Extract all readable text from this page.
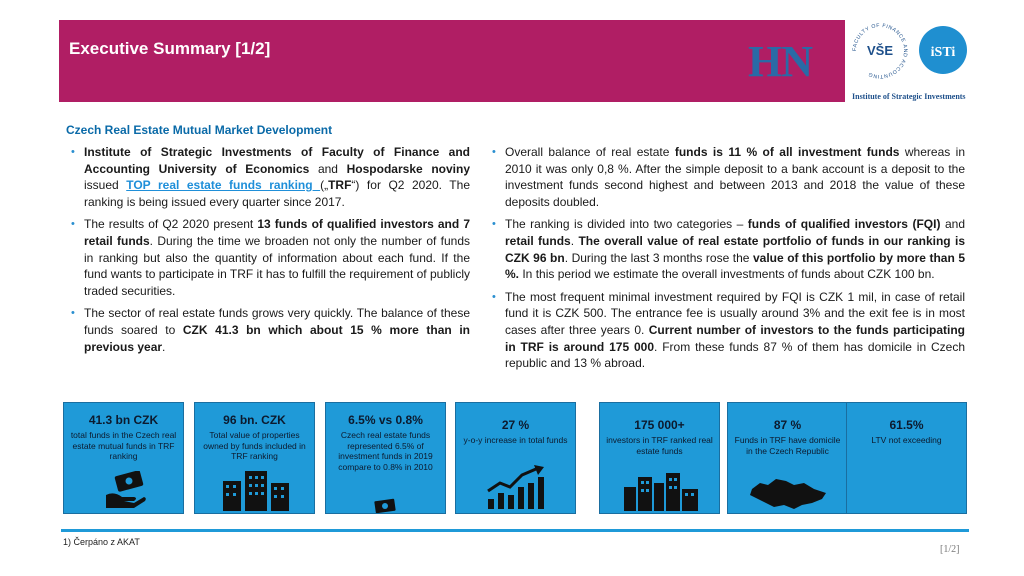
Executive Summary [1/2]	HN	FACULTY OF FINANCE AND ACCOUNTING
VŠE	iSTi
Institute of Strategic Investments
Czech Real Estate Mutual Market Development
• Institute of Strategic Investments of Faculty of Finance and Accounting University of Economics and Hospodarske noviny issued TOP real estate funds ranking („TRF“) for Q2 2020. The ranking is being issued every quarter since 2017.
• The results of Q2 2020 present 13 funds of qualified investors and 7 retail funds. During the time we broaden not only the number of funds in ranking but also the quantity of information about each fund. If the fund wants to participate in TRF it has to fulfill the requirement of publicly traded securities.
• The sector of real estate funds grows very quickly. The balance of these funds soared to CZK 41.3 bn which about 15 % more than in previous year.
• Overall balance of real estate funds is 11 % of all investment funds whereas in 2010 it was only 0,8 %. After the simple deposit to a bank account is a deposit to the investment funds second highest and between 2013 and 2018 the value of these deposits doubled.
• The ranking is divided into two categories – funds of qualified investors (FQI) and retail funds. The overall value of real estate portfolio of funds in our ranking is CZK 96 bn. During the last 3 months rose the value of this portfolio by more than 5 %. In this period we estimate the overall investments of funds about CZK 100 bn.
• The most frequent minimal investment required by FQI is CZK 1 mil, in case of retail fund it is CZK 500. The entrance fee is usually around 3% and the exit fee is in most cases after three years 0. Current number of investors to the funds participating in TRF is around 175 000. From these funds 87 % of them has domicile in Czech republic and 13 % abroad.
41.3 bn CZK
total funds in the Czech real estate mutual funds in TRF ranking
96 bn. CZK
Total value of properties owned by funds included in TRF ranking
6.5% vs 0.8%
Czech real estate funds represented 6.5% of investment funds in 2019 compare to 0.8% in 2010
27 %
y-o-y increase in total funds
175 000+
investors in TRF ranked real estate funds
87 %
Funds in TRF have domicile in the Czech Republic
61.5%
LTV not exceeding
1) Čerpáno z AKAT
[1/2]
